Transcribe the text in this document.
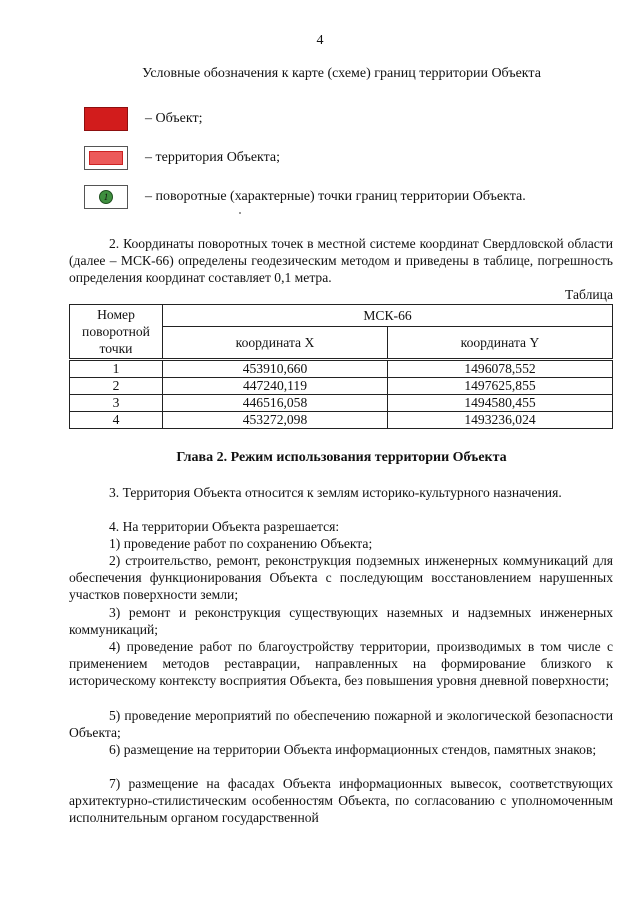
4
Условные обозначения к карте (схеме) границ территории Объекта
– Объект;
– территория Объекта;
1	– поворотные (характерные) точки границ территории Объекта.
2. Координаты поворотных точек в местной системе координат Свердловской области (далее – МСК-66) определены геодезическим методом и приведены в таблице, погрешность определения координат составляет 0,1 метра.
Таблица
Номер поворотной точки	МСК-66	
	координата X	координата Y
1	453910,660	1496078,552
2	447240,119	1497625,855
3	446516,058	1494580,455
4	453272,098	1493236,024
Глава 2. Режим использования территории Объекта
3. Территория Объекта относится к землям историко-культурного назначения.
4. На территории Объекта разрешается:
1) проведение работ по сохранению Объекта;
2) строительство, ремонт, реконструкция подземных инженерных коммуникаций для обеспечения функционирования Объекта с последующим восстановлением нарушенных участков поверхности земли;
3) ремонт и реконструкция существующих наземных и надземных инженерных коммуникаций;
4) проведение работ по благоустройству территории, производимых в том числе с применением методов реставрации, направленных на формирование близкого к историческому контексту восприятия Объекта, без повышения уровня дневной поверхности;
5) проведение мероприятий по обеспечению пожарной и экологической безопасности Объекта;
6) размещение на территории Объекта информационных стендов, памятных знаков;
7) размещение на фасадах Объекта информационных вывесок, соответствующих архитектурно-стилистическим особенностям Объекта, по согласованию с уполномоченным исполнительным органом государственной
